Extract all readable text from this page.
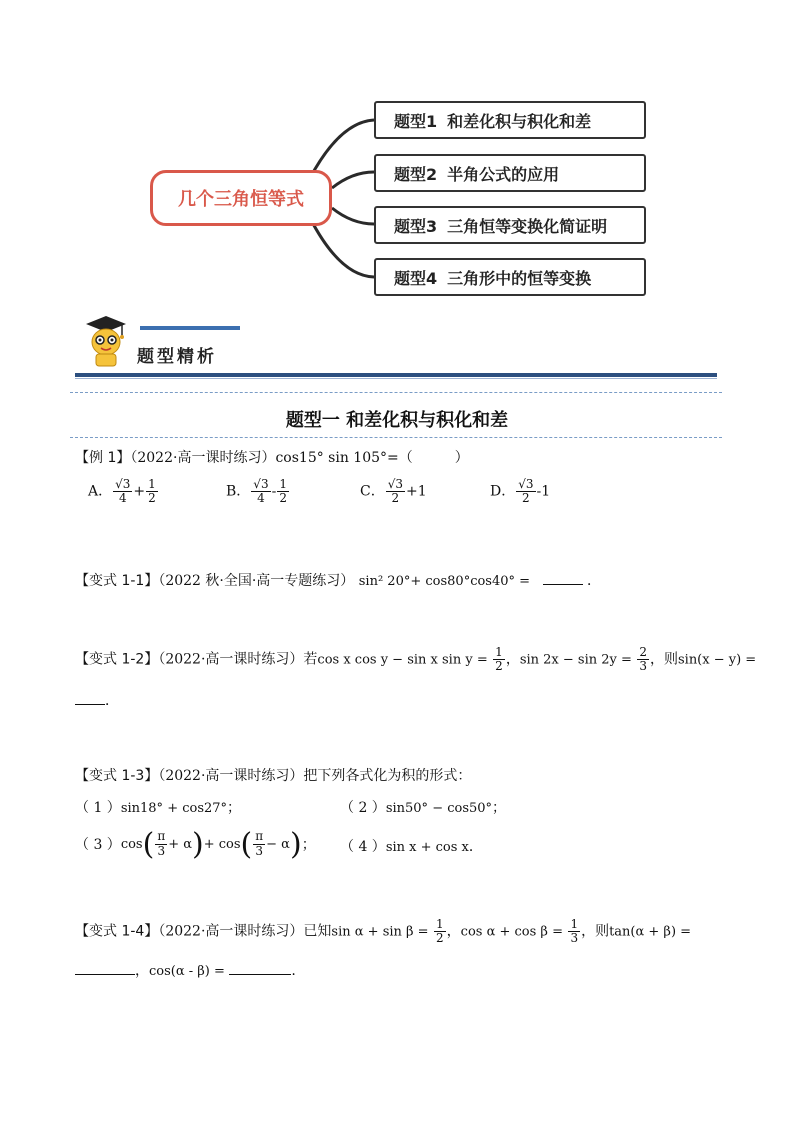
几个三角恒等式
题型1 和差化积与积化和差
题型2 半角公式的应用
题型3 三角恒等变换化简证明
题型4 三角形中的恒等变换
题型精析
题型一 和差化积与积化和差
【例 1】（2022·高一课时练习）cos15° sin 105°=（　　　）
A． $\frac{√3}{4} + \frac{1}{2}$	B． $\frac{√3}{4} - \frac{1}{2}$	C． $\frac{√3}{2} +1$	D． $\frac{√3}{2} -1$
【变式 1-1】（2022 秋·全国·高一专题练习） sin² 20°+ cos80°cos40° =	．
【变式 1-2】（2022·高一课时练习）若cos x cos y − sin x $\sin y = \frac{1}{2}$ ，$\sin 2x - \sin 2y = \frac{2}{3}$ ，则sin(x − y) =
．
【变式 1-3】（2022·高一课时练习）把下列各式化为积的形式：
（ 1 ）sin18° + cos27°；	（ 2 ）sin50° − cos50°；
（ 3 ） cos ( $\frac{\pi}{3} + \alpha$ ) + cos ( $\frac{\pi}{3} - \alpha$ ) ； （ 4 ）sin x + cos x．
【变式 1-4】（2022·高一课时练习）已知$\sin \alpha + \sin \beta = \frac{1}{2}$ ，$\cos \alpha + \cos \beta = \frac{1}{3}$ ，则tan(α + β) =
，cos(α - β) =	.
